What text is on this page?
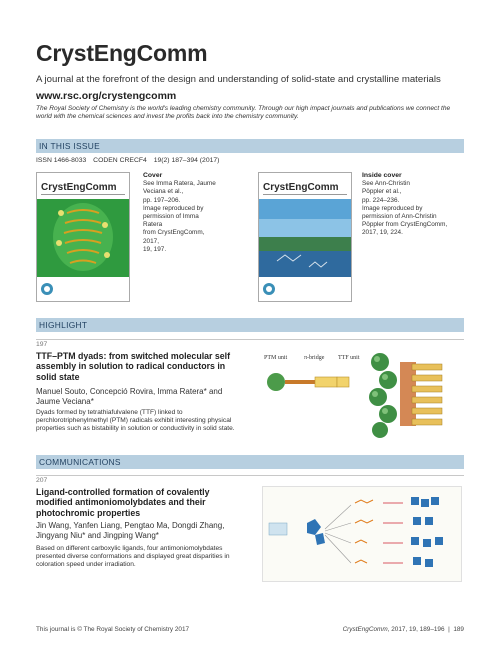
CrystEngComm
A journal at the forefront of the design and understanding of solid-state and crystalline materials
www.rsc.org/crystengcomm
The Royal Society of Chemistry is the world's leading chemistry community. Through our high impact journals and publications we connect the world with the chemical sciences and invest the profits back into the chemistry community.
IN THIS ISSUE
ISSN 1466-8033 CODEN CRECF4 19(2) 187–394 (2017)
CrystEngComm
Cover
See Imma Ratera, Jaume
Veciana et al.,
pp. 197–206.
Image reproduced by
permission of Imma Ratera
from CrystEngComm, 2017,
19, 197.
CrystEngComm
Inside cover
See Ann-Christin
Pöppler et al.,
pp. 224–236.
Image reproduced by
permission of Ann-Christin
Pöppler from CrystEngComm,
2017, 19, 224.
HIGHLIGHT
197
TTF–PTM dyads: from switched molecular self assembly in solution to radical conductors in solid state
Manuel Souto, Concepció Rovira, Imma Ratera* and Jaume Veciana*
Dyads formed by tetrathiafulvalene (TTF) linked to perchlorotriphenylmethyl (PTM) radicals exhibit interesting physical properties such as bistability in solution or conductivity in solid state.
PTM unit	π-bridge TTF unit
COMMUNICATIONS
207
Ligand-controlled formation of covalently modified antimoniomolybdates and their photochromic properties
Jin Wang, Yanfen Liang, Pengtao Ma, Dongdi Zhang, Jingyang Niu* and Jingping Wang*
Based on different carboxylic ligands, four antimoniomolybdates presented diverse conformations and displayed great disparities in coloration speed under irradiation.
This journal is © The Royal Society of Chemistry 2017	CrystEngComm, 2017, 19, 189–196 | 189
